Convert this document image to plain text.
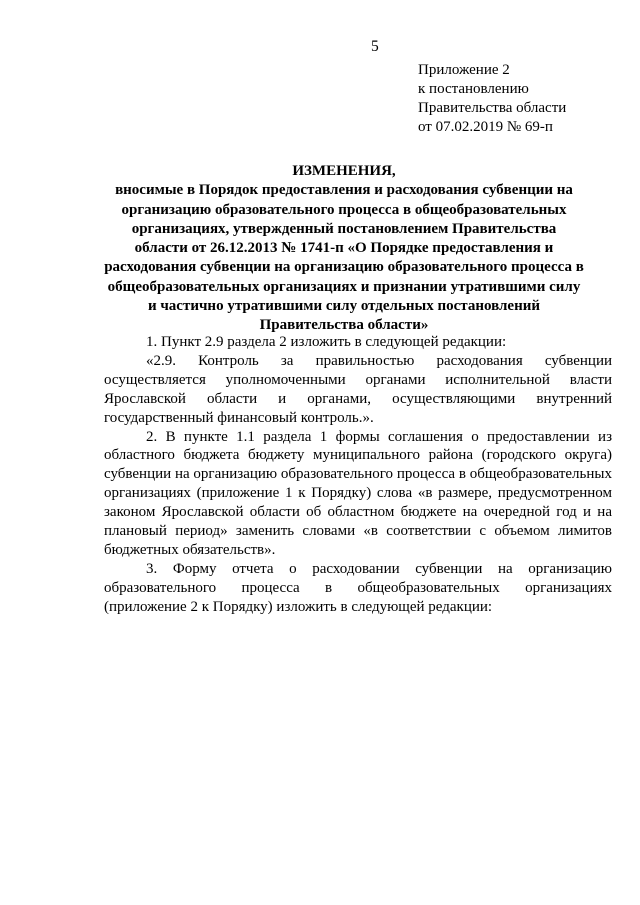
5
Приложение 2
к постановлению
Правительства области
от 07.02.2019 № 69-п
ИЗМЕНЕНИЯ,
вносимые в Порядок предоставления и расходования субвенции на организацию образовательного процесса в общеобразовательных организациях, утвержденный постановлением Правительства области от 26.12.2013 № 1741-п «О Порядке предоставления и расходования субвенции на организацию образовательного процесса в общеобразовательных организациях и признании утратившими силу и частично утратившими силу отдельных постановлений Правительства области»

1. Пункт 2.9 раздела 2 изложить в следующей редакции:

«2.9. Контроль за правильностью расходования субвенции осуществляется уполномоченными органами исполнительной власти Ярославской области и органами, осуществляющими внутренний государственный финансовый контроль.».

2. В пункте 1.1 раздела 1 формы соглашения о предоставлении из областного бюджета бюджету муниципального района (городского округа) субвенции на организацию образовательного процесса в общеобразовательных организациях (приложение 1 к Порядку) слова «в размере, предусмотренном законом Ярославской области об областном бюджете на очередной год и на плановый период» заменить словами «в соответствии с объемом лимитов бюджетных обязательств».

3. Форму отчета о расходовании субвенции на организацию образовательного процесса в общеобразовательных организациях (приложение 2 к Порядку) изложить в следующей редакции:
